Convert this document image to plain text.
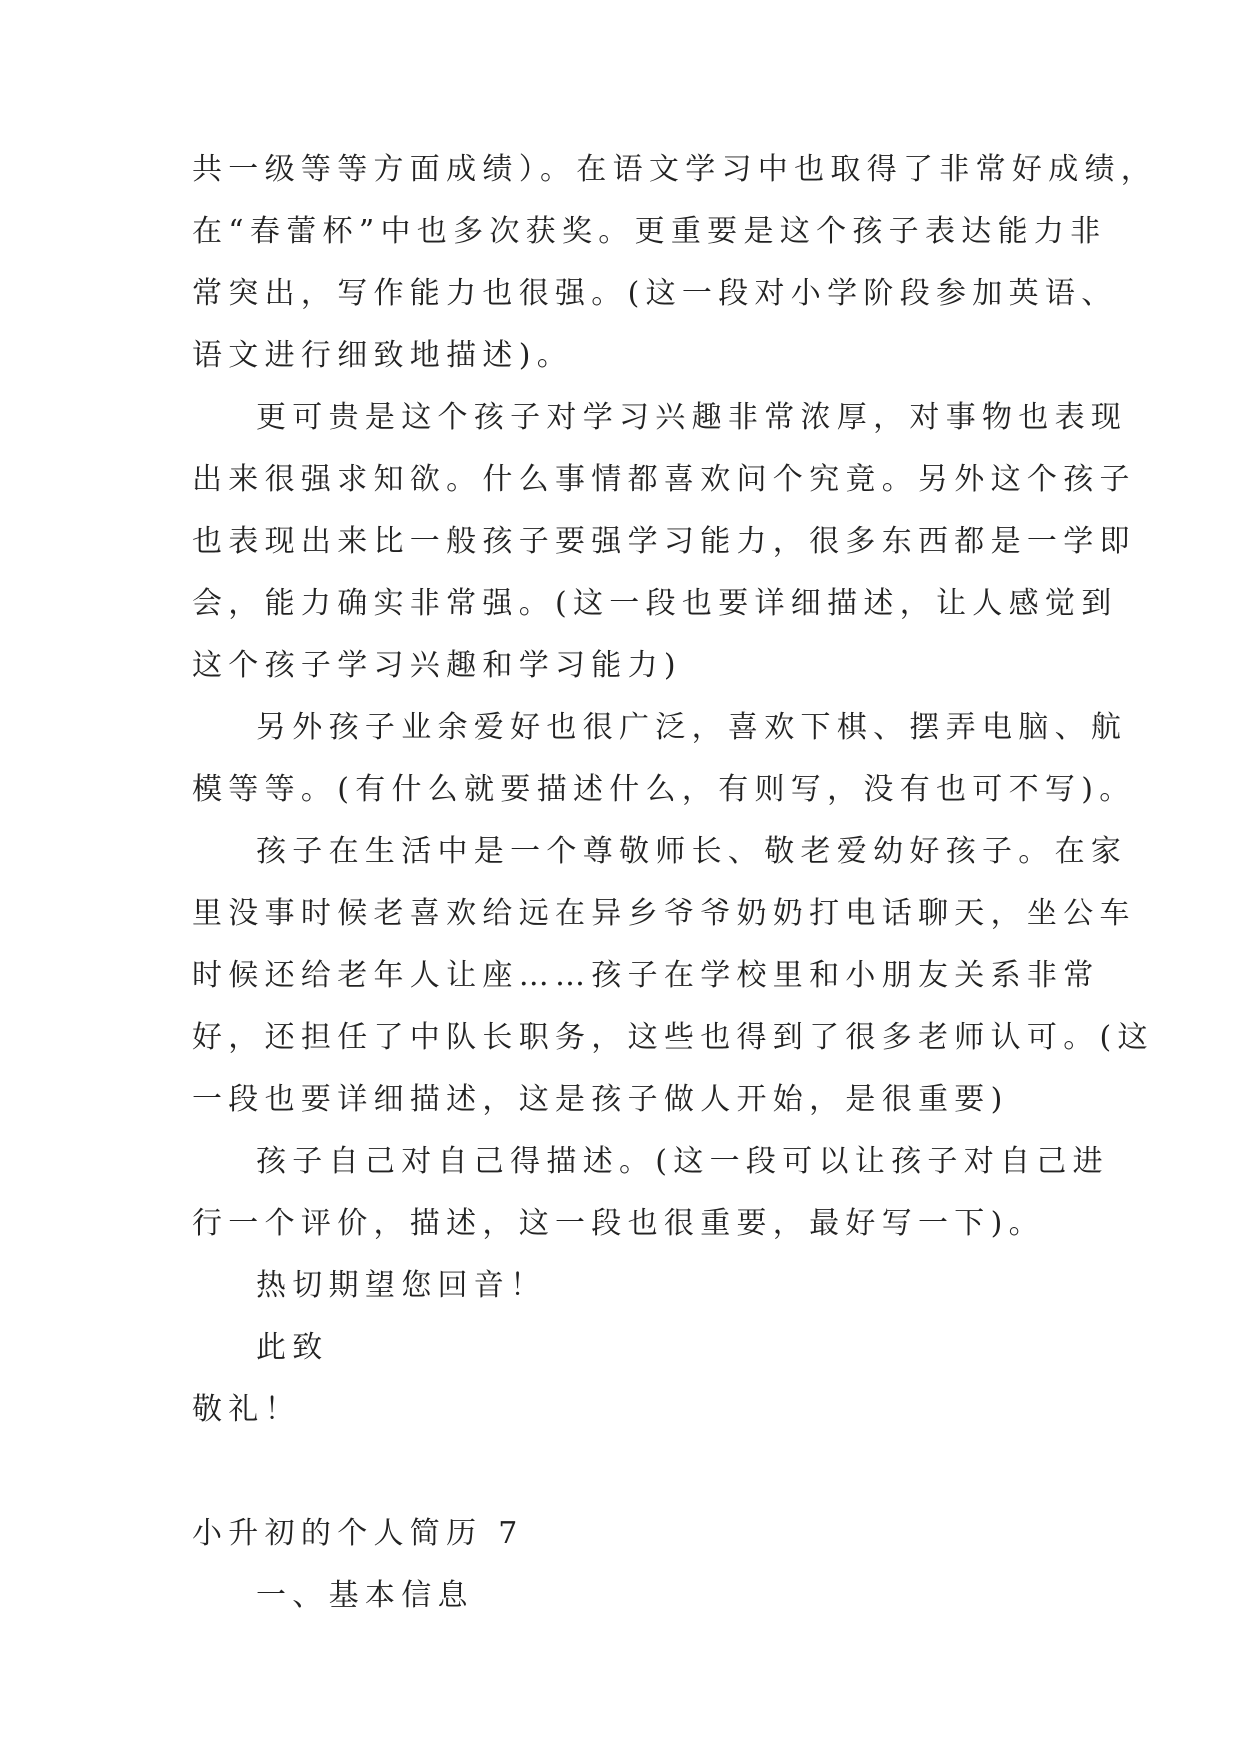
共一级等等方面成绩）。在语文学习中也取得了非常好成绩，
在“春蕾杯”中也多次获奖。更重要是这个孩子表达能力非
常突出，写作能力也很强。(这一段对小学阶段参加英语、
语文进行细致地描述)。
更可贵是这个孩子对学习兴趣非常浓厚，对事物也表现
出来很强求知欲。什么事情都喜欢问个究竟。另外这个孩子
也表现出来比一般孩子要强学习能力，很多东西都是一学即
会，能力确实非常强。(这一段也要详细描述，让人感觉到
这个孩子学习兴趣和学习能力)
另外孩子业余爱好也很广泛，喜欢下棋、摆弄电脑、航
模等等。(有什么就要描述什么，有则写，没有也可不写)。
孩子在生活中是一个尊敬师长、敬老爱幼好孩子。在家
里没事时候老喜欢给远在异乡爷爷奶奶打电话聊天，坐公车
时候还给老年人让座……孩子在学校里和小朋友关系非常
好，还担任了中队长职务，这些也得到了很多老师认可。(这
一段也要详细描述，这是孩子做人开始，是很重要)
孩子自己对自己得描述。(这一段可以让孩子对自己进
行一个评价，描述，这一段也很重要，最好写一下)。
热切期望您回音！
此致
敬礼！
小升初的个人简历 7
一、基本信息
